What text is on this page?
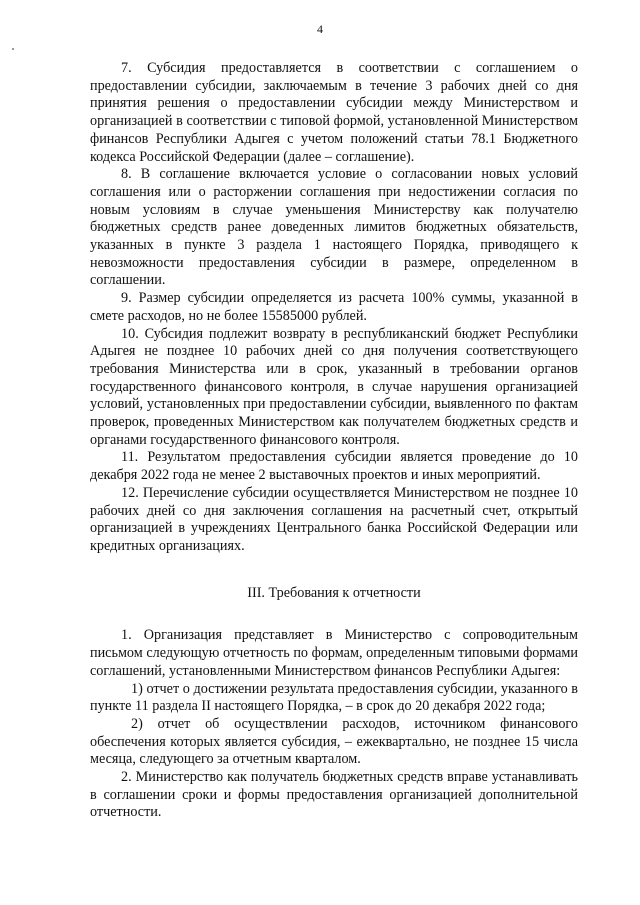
4

7. Субсидия предоставляется в соответствии с соглашением о предоставлении субсидии, заключаемым в течение 3 рабочих дней со дня принятия решения о предоставлении субсидии между Министерством и организацией в соответствии с типовой формой, установленной Министерством финансов Республики Адыгея с учетом положений статьи 78.1 Бюджетного кодекса Российской Федерации (далее – соглашение).

8. В соглашение включается условие о согласовании новых условий соглашения или о расторжении соглашения при недостижении согласия по новым условиям в случае уменьшения Министерству как получателю бюджетных средств ранее доведенных лимитов бюджетных обязательств, указанных в пункте 3 раздела 1 настоящего Порядка, приводящего к невозможности предоставления субсидии в размере, определенном в соглашении.

9. Размер субсидии определяется из расчета 100% суммы, указанной в смете расходов, но не более 15585000 рублей.

10. Субсидия подлежит возврату в республиканский бюджет Республики Адыгея не позднее 10 рабочих дней со дня получения соответствующего требования Министерства или в срок, указанный в требовании органов государственного финансового контроля, в случае нарушения организацией условий, установленных при предоставлении субсидии, выявленного по фактам проверок, проведенных Министерством как получателем бюджетных средств и органами государственного финансового контроля.

11. Результатом предоставления субсидии является проведение до 10 декабря 2022 года не менее 2 выставочных проектов и иных мероприятий.

12. Перечисление субсидии осуществляется Министерством не позднее 10 рабочих дней со дня заключения соглашения на расчетный счет, открытый организацией в учреждениях Центрального банка Российской Федерации или кредитных организациях.

III. Требования к отчетности

1. Организация представляет в Министерство с сопроводительным письмом следующую отчетность по формам, определенным типовыми формами соглашений, установленными Министерством финансов Республики Адыгея:

1) отчет о достижении результата предоставления субсидии, указанного в пункте 11 раздела II настоящего Порядка, – в срок до 20 декабря 2022 года;

2) отчет об осуществлении расходов, источником финансового обеспечения которых является субсидия, – ежеквартально, не позднее 15 числа месяца, следующего за отчетным кварталом.

2. Министерство как получатель бюджетных средств вправе устанавливать в соглашении сроки и формы предоставления организацией дополнительной отчетности.
